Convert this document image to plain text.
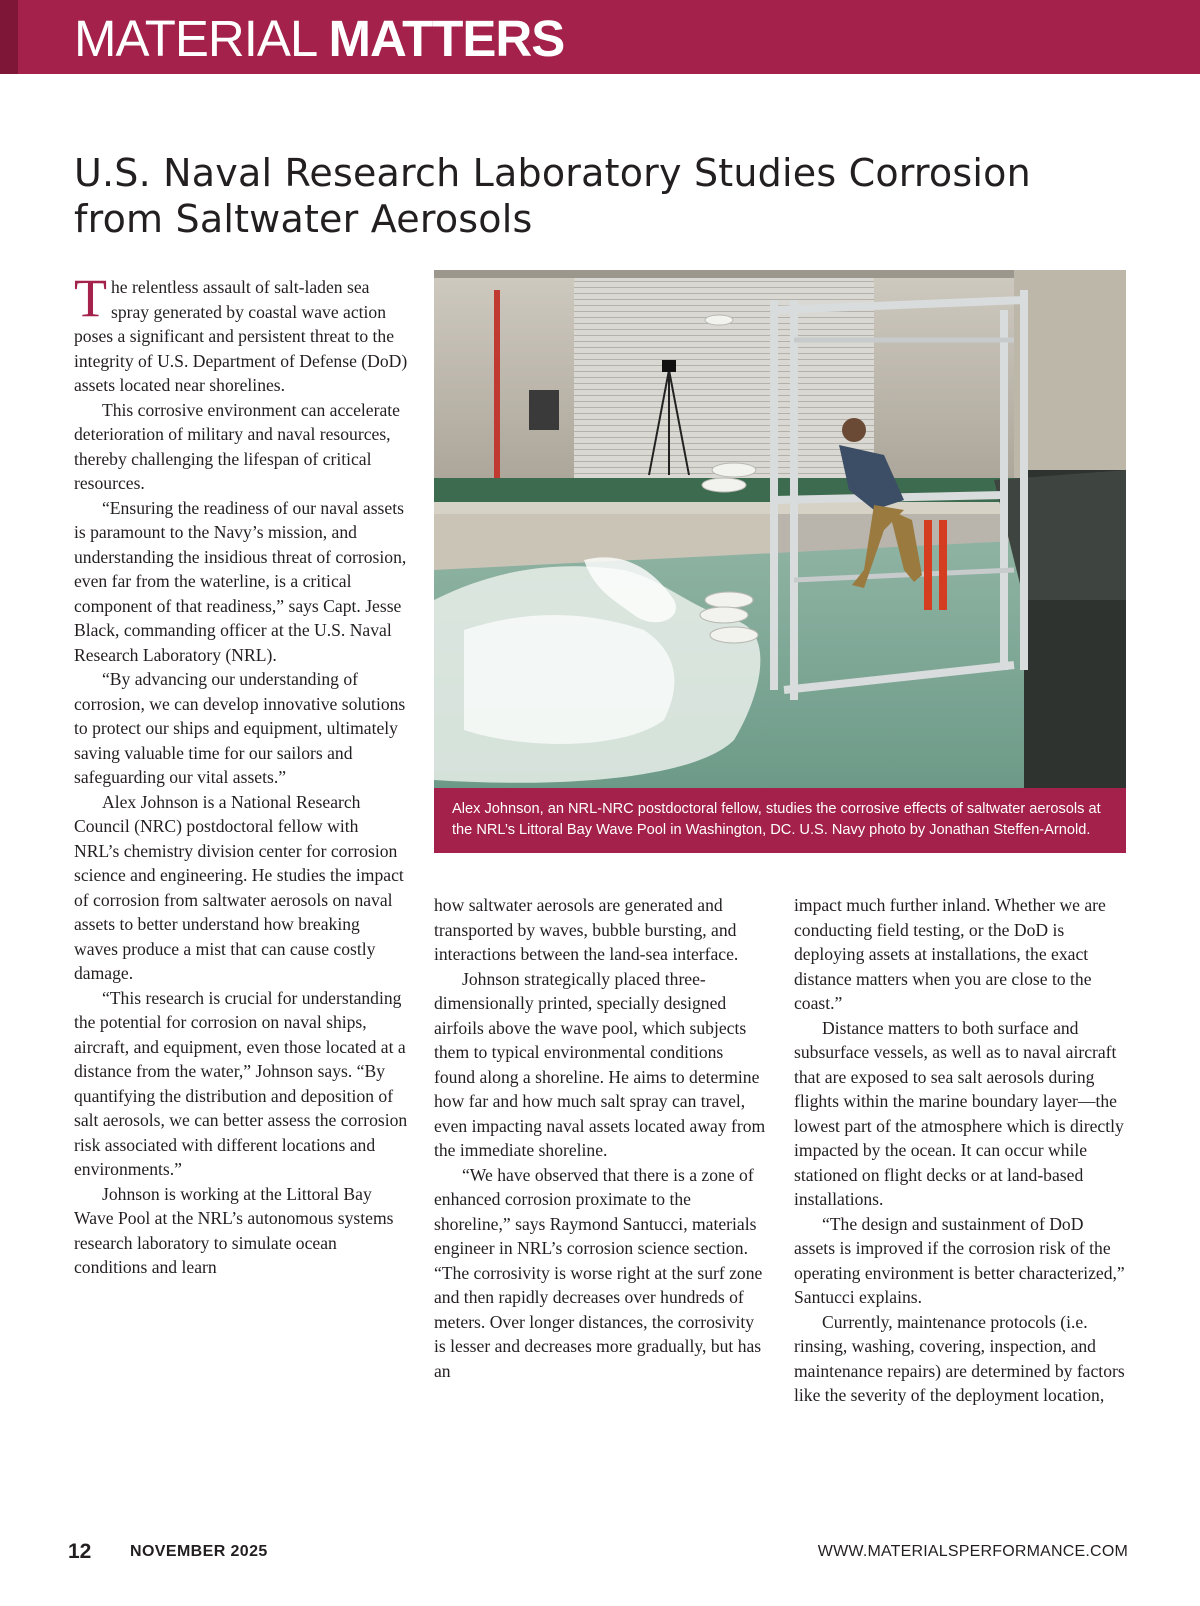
MATERIAL MATTERS
U.S. Naval Research Laboratory Studies Corrosion from Saltwater Aerosols

The relentless assault of salt-laden sea spray generated by coastal wave action poses a significant and persistent threat to the integrity of U.S. Department of Defense (DoD) assets located near shorelines.

This corrosive environment can accelerate deterioration of military and naval resources, thereby challenging the lifespan of critical resources.

“Ensuring the readiness of our naval assets is paramount to the Navy’s mission, and understanding the insidious threat of corrosion, even far from the waterline, is a critical component of that readiness,” says Capt. Jesse Black, commanding officer at the U.S. Naval Research Laboratory (NRL).

“By advancing our understanding of corrosion, we can develop innovative solutions to protect our ships and equipment, ultimately saving valuable time for our sailors and safeguarding our vital assets.”

Alex Johnson is a National Research Council (NRC) postdoctoral fellow with NRL’s chemistry division center for corrosion science and engineering. He studies the impact of corrosion from saltwater aerosols on naval assets to better understand how breaking waves produce a mist that can cause costly damage.

“This research is crucial for understanding the potential for corrosion on naval ships, aircraft, and equipment, even those located at a distance from the water,” Johnson says. “By quantifying the distribution and deposition of salt aerosols, we can better assess the corrosion risk associated with different locations and environments.”

Johnson is working at the Littoral Bay Wave Pool at the NRL’s autonomous systems research laboratory to simulate ocean conditions and learn

Alex Johnson, an NRL-NRC postdoctoral fellow, studies the corrosive effects of saltwater aerosols at the NRL’s Littoral Bay Wave Pool in Washington, DC. U.S. Navy photo by Jonathan Steffen-Arnold.

how saltwater aerosols are generated and transported by waves, bubble bursting, and interactions between the land-sea interface.

Johnson strategically placed three-dimensionally printed, specially designed airfoils above the wave pool, which subjects them to typical environmental conditions found along a shoreline. He aims to determine how far and how much salt spray can travel, even impacting naval assets located away from the immediate shoreline.

“We have observed that there is a zone of enhanced corrosion proximate to the shoreline,” says Raymond Santucci, materials engineer in NRL’s corrosion science section. “The corrosivity is worse right at the surf zone and then rapidly decreases over hundreds of meters. Over longer distances, the corrosivity is lesser and decreases more gradually, but has an

impact much further inland. Whether we are conducting field testing, or the DoD is deploying assets at installations, the exact distance matters when you are close to the coast.”

Distance matters to both surface and subsurface vessels, as well as to naval aircraft that are exposed to sea salt aerosols during flights within the marine boundary layer—the lowest part of the atmosphere which is directly impacted by the ocean. It can occur while stationed on flight decks or at land-based installations.

“The design and sustainment of DoD assets is improved if the corrosion risk of the operating environment is better characterized,” Santucci explains.

Currently, maintenance protocols (i.e. rinsing, washing, covering, inspection, and maintenance repairs) are determined by factors like the severity of the deployment location,

12 NOVEMBER 2025	WWW.MATERIALSPERFORMANCE.COM
